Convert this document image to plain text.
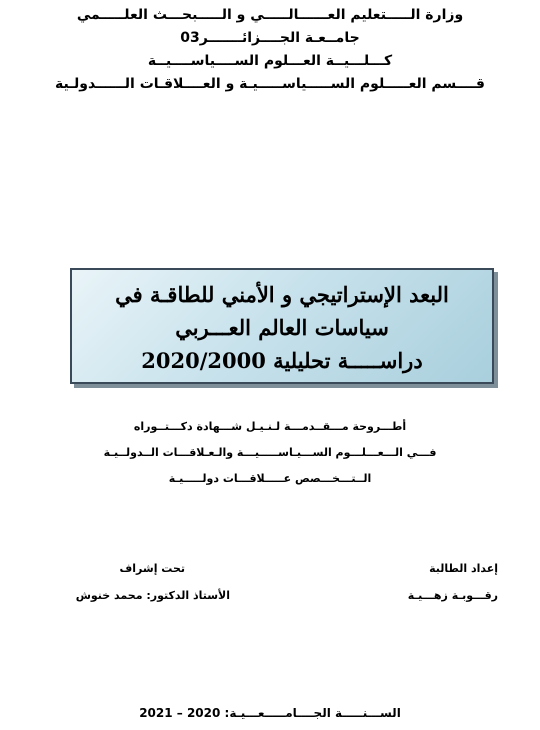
وزارة الـــــتعليم العــــــالـــــي و الـــــبحـــث العلـــــمي
جامــعـة الجــــزائـــــــر03
كـــلـــيــة العـــلوم الســــياســــيــة
قــــسم العـــــلوم الســـــياســـــيـة و العــــلاقـات الــــــدولـية
البعد الإستراتيجي و الأمني للطاقـة في
سياسات العالم العـــربي
دراســـــة تحليلية 2020/2000
أطـــروحة مـــقــدمـــة لـنـيـل شـــهادة دكـــتــوراه
فـــي الـــعـــلـــوم الســـيـاســـــيـــة والـعـلاقـــات الــدولــيـة
الــتـــخـــصص عـــــلاقـــات دولـــــيـة
إعداد الطالبة
رقـــوبـة زهـــيـة
تحت إشراف
الأستاذ الدكتور: محمد خنوش
الســـنـــــة الجــــامـــــعـــيـة: 2020 – 2021
